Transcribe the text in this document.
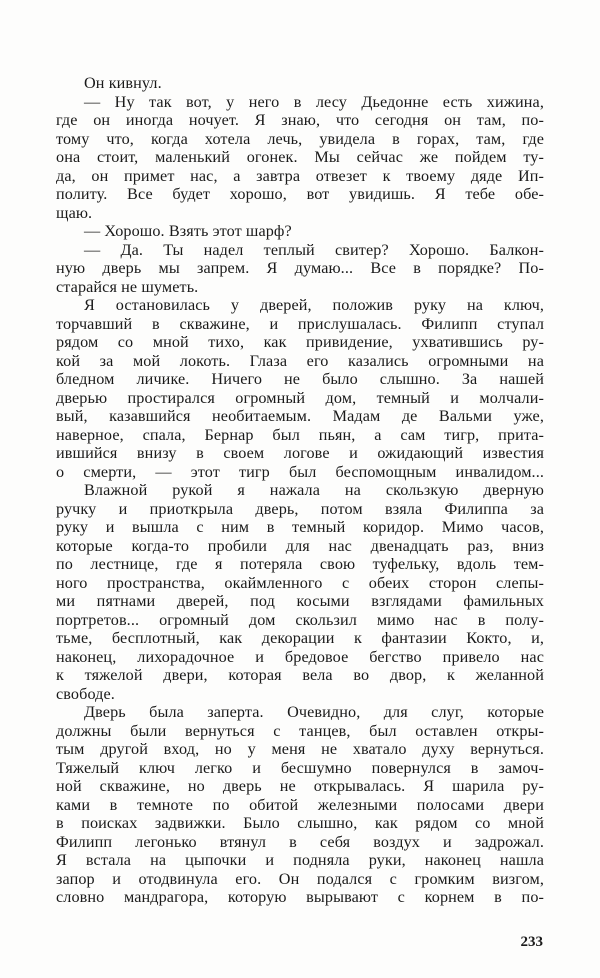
Он кивнул.
— Ну так вот, у него в лесу Дьедонне есть хижина,
где он иногда ночует. Я знаю, что сегодня он там, по-
тому что, когда хотела лечь, увидела в горах, там, где
она стоит, маленький огонек. Мы сейчас же пойдем ту-
да, он примет нас, а завтра отвезет к твоему дяде Ип-
политу. Все будет хорошо, вот увидишь. Я тебе обе-
щаю.
— Хорошо. Взять этот шарф?
— Да. Ты надел теплый свитер? Хорошо. Балкон-
ную дверь мы запрем. Я думаю... Все в порядке? По-
старайся не шуметь.
Я остановилась у дверей, положив руку на ключ,
торчавший в скважине, и прислушалась. Филипп ступал
рядом со мной тихо, как привидение, ухватившись ру-
кой за мой локоть. Глаза его казались огромными на
бледном личике. Ничего не было слышно. За нашей
дверью простирался огромный дом, темный и молчали-
вый, казавшийся необитаемым. Мадам де Вальми уже,
наверное, спала, Бернар был пьян, а сам тигр, прита-
ившийся внизу в своем логове и ожидающий известия
о смерти, — этот тигр был беспомощным инвалидом...
Влажной рукой я нажала на скользкую дверную
ручку и приоткрыла дверь, потом взяла Филиппа за
руку и вышла с ним в темный коридор. Мимо часов,
которые когда-то пробили для нас двенадцать раз, вниз
по лестнице, где я потеряла свою туфельку, вдоль тем-
ного пространства, окаймленного с обеих сторон слепы-
ми пятнами дверей, под косыми взглядами фамильных
портретов... огромный дом скользил мимо нас в полу-
тьме, бесплотный, как декорации к фантазии Кокто, и,
наконец, лихорадочное и бредовое бегство привело нас
к тяжелой двери, которая вела во двор, к желанной
свободе.
Дверь была заперта. Очевидно, для слуг, которые
должны были вернуться с танцев, был оставлен откры-
тым другой вход, но у меня не хватало духу вернуться.
Тяжелый ключ легко и бесшумно повернулся в замоч-
ной скважине, но дверь не открывалась. Я шарила ру-
ками в темноте по обитой железными полосами двери
в поисках задвижки. Было слышно, как рядом со мной
Филипп легонько втянул в себя воздух и задрожал.
Я встала на цыпочки и подняла руки, наконец нашла
запор и отодвинула его. Он подался с громким визгом,
словно мандрагора, которую вырывают с корнем в по-
233
